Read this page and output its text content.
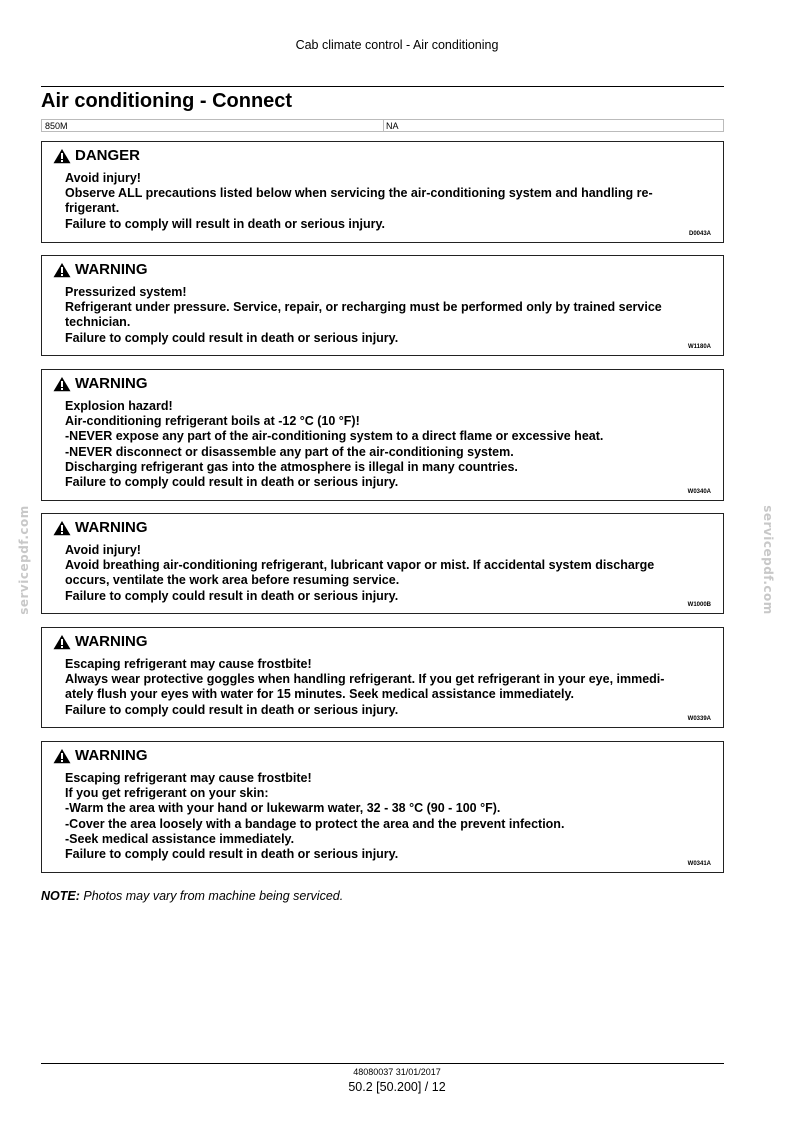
Cab climate control - Air conditioning
Air conditioning - Connect
850M	NA
DANGER
Avoid injury!
Observe ALL precautions listed below when servicing the air-conditioning system and handling re-
frigerant.
Failure to comply will result in death or serious injury.
D0043A
WARNING
Pressurized system!
Refrigerant under pressure. Service, repair, or recharging must be performed only by trained service
technician.
Failure to comply could result in death or serious injury.
W1180A
WARNING
Explosion hazard!
Air-conditioning refrigerant boils at -12 °C (10 °F)!
-NEVER expose any part of the air-conditioning system to a direct flame or excessive heat.
-NEVER disconnect or disassemble any part of the air-conditioning system.
Discharging refrigerant gas into the atmosphere is illegal in many countries.
Failure to comply could result in death or serious injury.
W0340A
WARNING
Avoid injury!
Avoid breathing air-conditioning refrigerant, lubricant vapor or mist. If accidental system discharge
occurs, ventilate the work area before resuming service.
Failure to comply could result in death or serious injury.
W1000B
WARNING
Escaping refrigerant may cause frostbite!
Always wear protective goggles when handling refrigerant. If you get refrigerant in your eye, immedi-
ately flush your eyes with water for 15 minutes. Seek medical assistance immediately.
Failure to comply could result in death or serious injury.
W0339A
WARNING
Escaping refrigerant may cause frostbite!
If you get refrigerant on your skin:
-Warm the area with your hand or lukewarm water, 32 - 38 °C (90 - 100 °F).
-Cover the area loosely with a bandage to protect the area and the prevent infection.
-Seek medical assistance immediately.
Failure to comply could result in death or serious injury.
W0341A
NOTE: Photos may vary from machine being serviced.
servicepdf.com	servicepdf.com
48080037 31/01/2017
50.2 [50.200] / 12
